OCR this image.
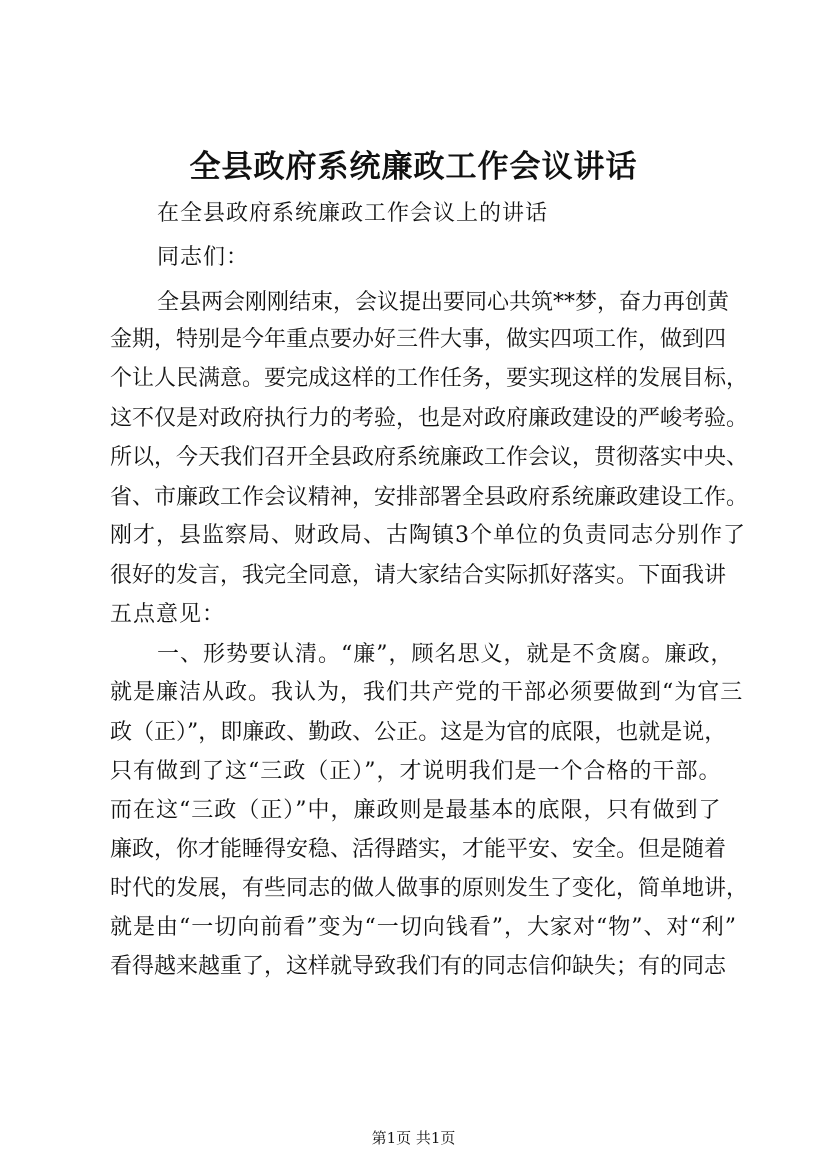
全县政府系统廉政工作会议讲话
在全县政府系统廉政工作会议上的讲话
同志们：
全县两会刚刚结束，会议提出要同心共筑**梦，奋力再创黄
金期，特别是今年重点要办好三件大事，做实四项工作，做到四
个让人民满意。要完成这样的工作任务，要实现这样的发展目标，
这不仅是对政府执行力的考验，也是对政府廉政建设的严峻考验。
所以，今天我们召开全县政府系统廉政工作会议，贯彻落实中央、
省、市廉政工作会议精神，安排部署全县政府系统廉政建设工作。
刚才，县监察局、财政局、古陶镇3个单位的负责同志分别作了
很好的发言，我完全同意，请大家结合实际抓好落实。下面我讲
五点意见：
一、形势要认清。“廉”，顾名思义，就是不贪腐。廉政，
就是廉洁从政。我认为，我们共产党的干部必须要做到“为官三
政（正）”，即廉政、勤政、公正。这是为官的底限，也就是说，
只有做到了这“三政（正）”，才说明我们是一个合格的干部。
而在这“三政（正）”中，廉政则是最基本的底限，只有做到了
廉政，你才能睡得安稳、活得踏实，才能平安、安全。但是随着
时代的发展，有些同志的做人做事的原则发生了变化，简单地讲，
就是由“一切向前看”变为“一切向钱看”，大家对“物”、对“利”
看得越来越重了，这样就导致我们有的同志信仰缺失；有的同志
第1页 共1页
